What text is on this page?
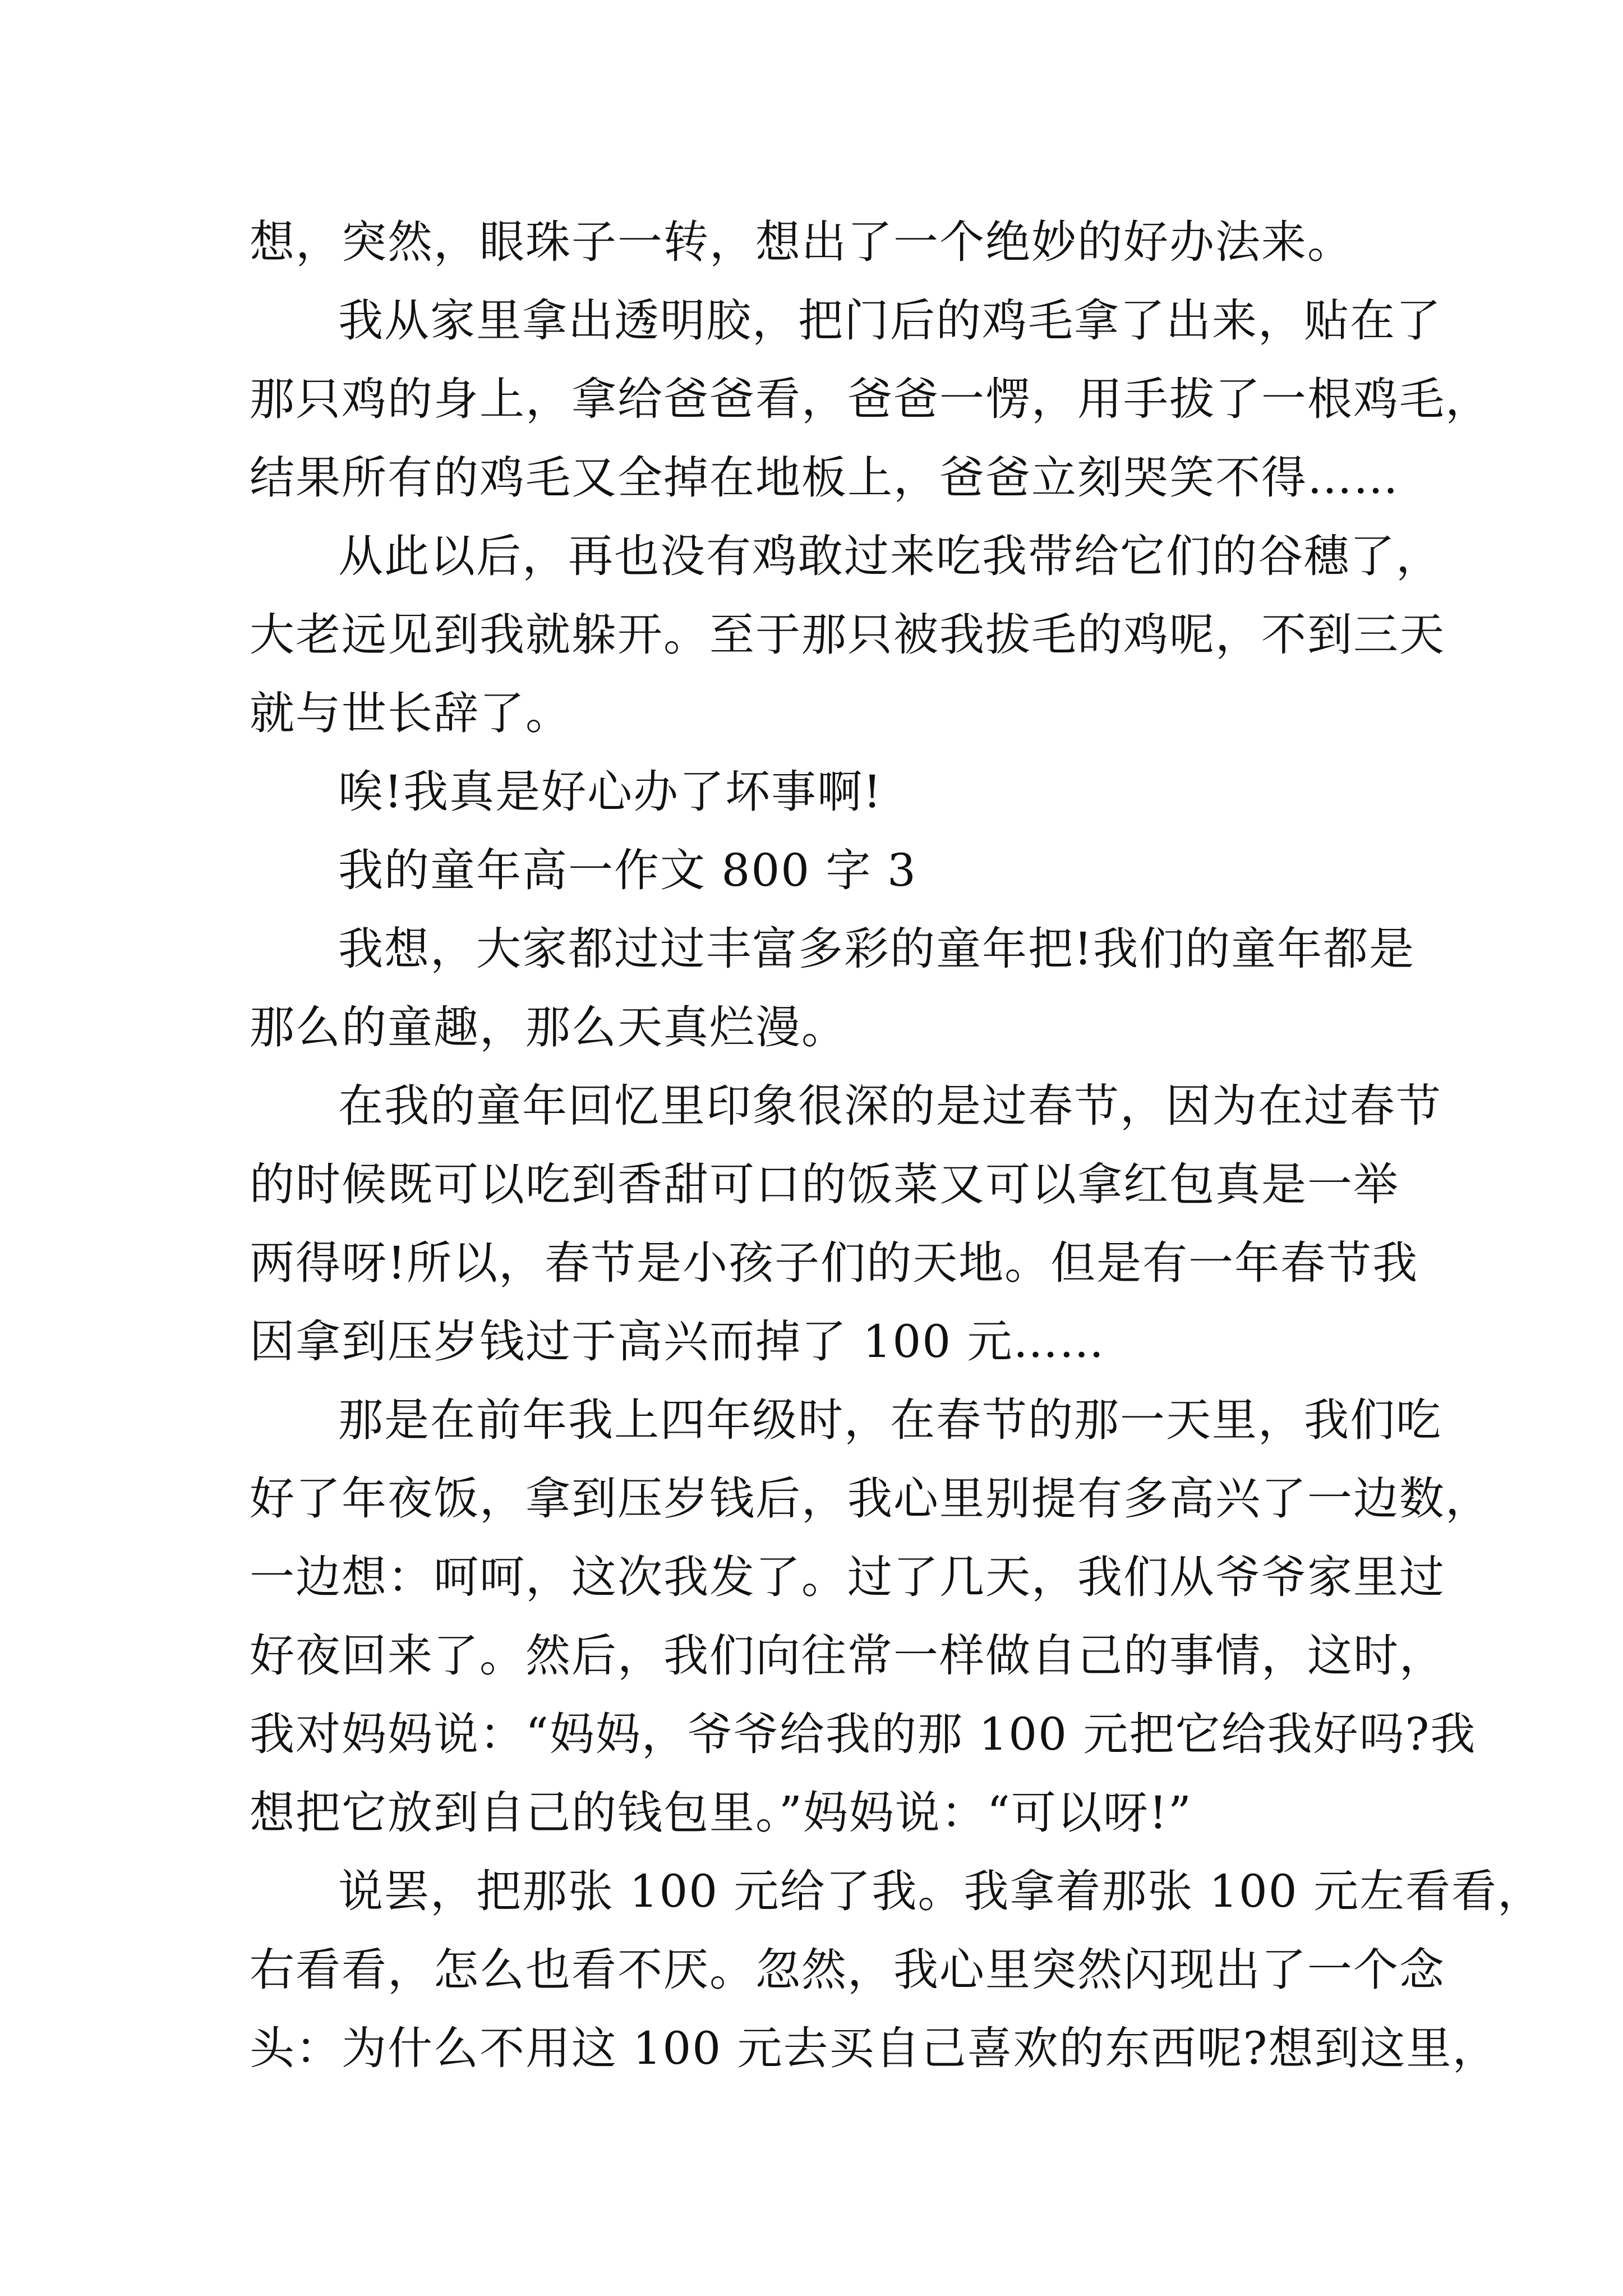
想，突然，眼珠子一转，想出了一个绝妙的好办法来。
我从家里拿出透明胶，把门后的鸡毛拿了出来，贴在了
那只鸡的身上，拿给爸爸看，爸爸一愣，用手拔了一根鸡毛，
结果所有的鸡毛又全掉在地板上，爸爸立刻哭笑不得……
从此以后，再也没有鸡敢过来吃我带给它们的谷穗了，
大老远见到我就躲开。至于那只被我拔毛的鸡呢，不到三天
就与世长辞了。
唉!我真是好心办了坏事啊!
我的童年高一作文 800 字 3
我想，大家都过过丰富多彩的童年把!我们的童年都是
那么的童趣，那么天真烂漫。
在我的童年回忆里印象很深的是过春节，因为在过春节
的时候既可以吃到香甜可口的饭菜又可以拿红包真是一举
两得呀!所以，春节是小孩子们的天地。但是有一年春节我
因拿到压岁钱过于高兴而掉了 100 元……
那是在前年我上四年级时，在春节的那一天里，我们吃
好了年夜饭，拿到压岁钱后，我心里别提有多高兴了一边数，
一边想：呵呵，这次我发了。过了几天，我们从爷爷家里过
好夜回来了。然后，我们向往常一样做自己的事情，这时，
我对妈妈说：“妈妈，爷爷给我的那 100 元把它给我好吗?我
想把它放到自己的钱包里。”妈妈说：“可以呀!”
说罢，把那张 100 元给了我。我拿着那张 100 元左看看，
右看看，怎么也看不厌。忽然，我心里突然闪现出了一个念
头：为什么不用这 100 元去买自己喜欢的东西呢?想到这里，
